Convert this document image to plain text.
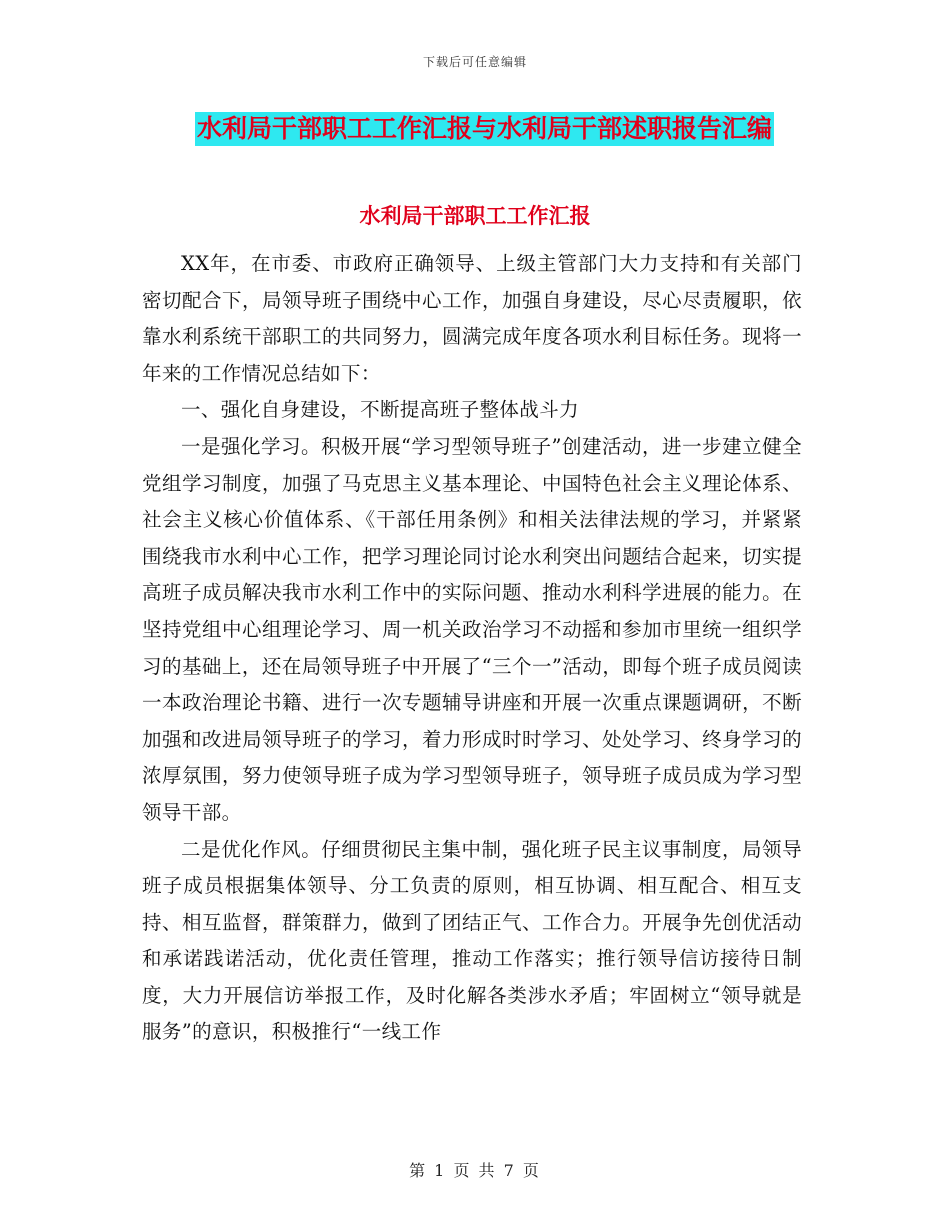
下载后可任意编辑
水利局干部职工工作汇报与水利局干部述职报告汇编
水利局干部职工工作汇报

XX年，在市委、市政府正确领导、上级主管部门大力支持和有关部门密切配合下，局领导班子围绕中心工作，加强自身建设，尽心尽责履职，依靠水利系统干部职工的共同努力，圆满完成年度各项水利目标任务。现将一年来的工作情况总结如下：

一、强化自身建设，不断提高班子整体战斗力

一是强化学习。积极开展“学习型领导班子”创建活动，进一步建立健全党组学习制度，加强了马克思主义基本理论、中国特色社会主义理论体系、社会主义核心价值体系、《干部任用条例》和相关法律法规的学习，并紧紧围绕我市水利中心工作，把学习理论同讨论水利突出问题结合起来，切实提高班子成员解决我市水利工作中的实际问题、推动水利科学进展的能力。在坚持党组中心组理论学习、周一机关政治学习不动摇和参加市里统一组织学习的基础上，还在局领导班子中开展了“三个一”活动，即每个班子成员阅读一本政治理论书籍、进行一次专题辅导讲座和开展一次重点课题调研，不断加强和改进局领导班子的学习，着力形成时时学习、处处学习、终身学习的浓厚氛围，努力使领导班子成为学习型领导班子，领导班子成员成为学习型领导干部。

二是优化作风。仔细贯彻民主集中制，强化班子民主议事制度，局领导班子成员根据集体领导、分工负责的原则，相互协调、相互配合、相互支持、相互监督，群策群力，做到了团结正气、工作合力。开展争先创优活动和承诺践诺活动，优化责任管理，推动工作落实；推行领导信访接待日制度，大力开展信访举报工作，及时化解各类涉水矛盾；牢固树立“领导就是服务”的意识，积极推行“一线工作

第 1 页 共 7 页
